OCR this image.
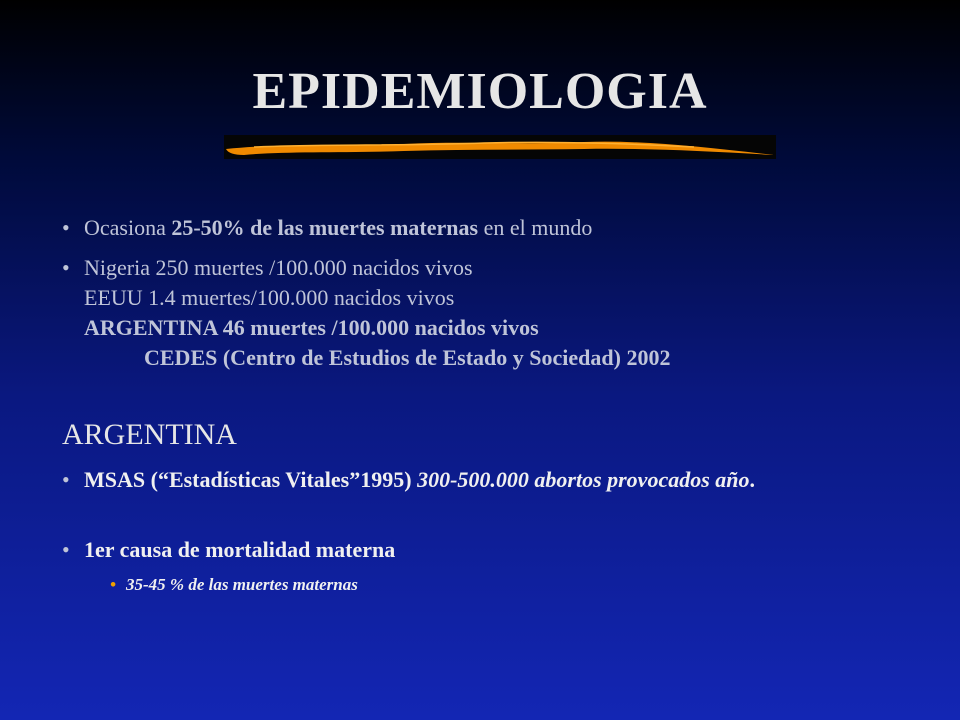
EPIDEMIOLOGIA
• Ocasiona 25-50% de las muertes maternas en el mundo
• Nigeria 250 muertes /100.000 nacidos vivos
EEUU 1.4 muertes/100.000 nacidos vivos
ARGENTINA 46 muertes /100.000 nacidos vivos
CEDES (Centro de Estudios de Estado y Sociedad) 2002
ARGENTINA
• MSAS (“Estadísticas Vitales”1995) 300-500.000 abortos provocados año.
• 1er causa de mortalidad materna
• 35-45 % de las muertes maternas
